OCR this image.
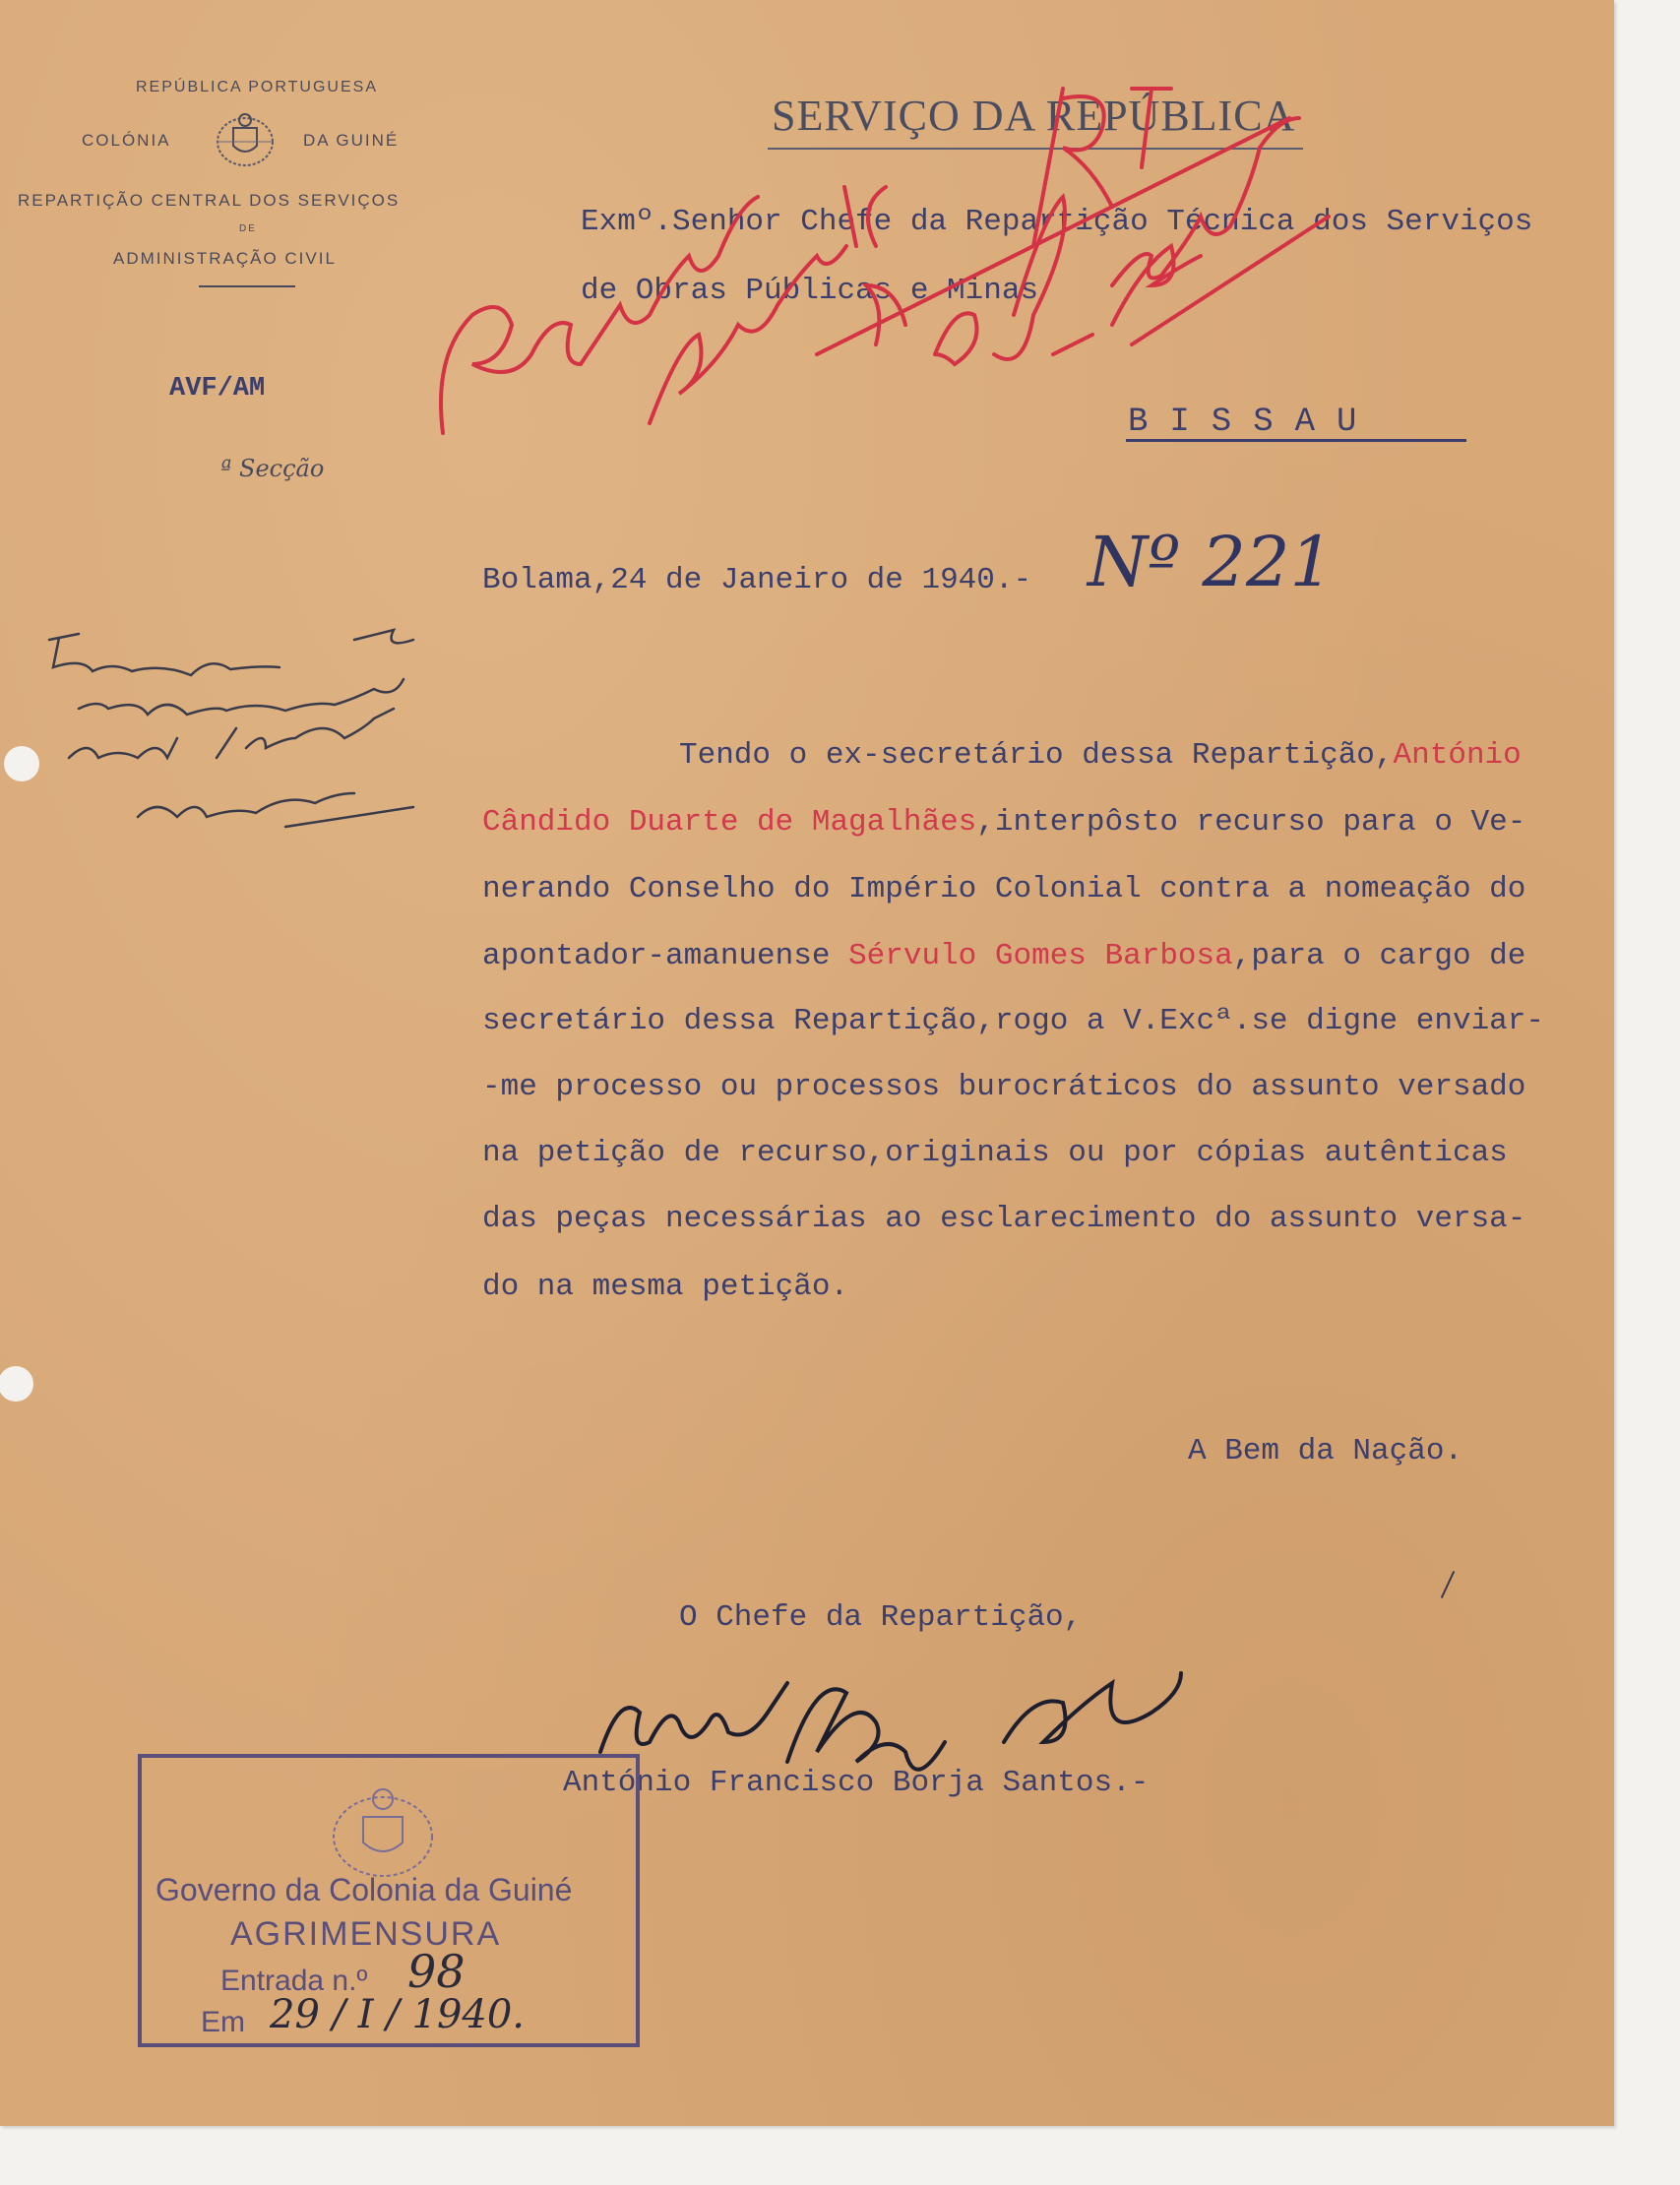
REPÚBLICA PORTUGUESA
COLÓNIA	DA GUINÉ
REPARTIÇÃO CENTRAL DOS SERVIÇOS
DE
ADMINISTRAÇÃO CIVIL
AVF/AM
ª Secção
SERVIÇO DA REPÚBLICA
Exmº.Senhor Chefe da Repartição Técnica dos Serviços
de Obras Públicas e Minas
BISSAU
Bolama,24 de Janeiro de 1940.- Nº 221
Tendo o ex-secretário dessa Repartição,António
Cândido Duarte de Magalhães,interpôsto recurso para o Ve-
nerando Conselho do Império Colonial contra a nomeação do
apontador-amanuense Sérvulo Gomes Barbosa,para o cargo de
secretário dessa Repartição,rogo a V.Excª.se digne enviar-
-me processo ou processos burocráticos do assunto versado
na petição de recurso,originais ou por cópias autênticas
das peças necessárias ao esclarecimento do assunto versa-
do na mesma petição.
A Bem da Nação.
O Chefe da Repartição,
António Francisco Borja Santos.-
Governo da Colonia da Guiné
AGRIMENSURA
Entrada n.º 98
Em 29 / I / 1940.
